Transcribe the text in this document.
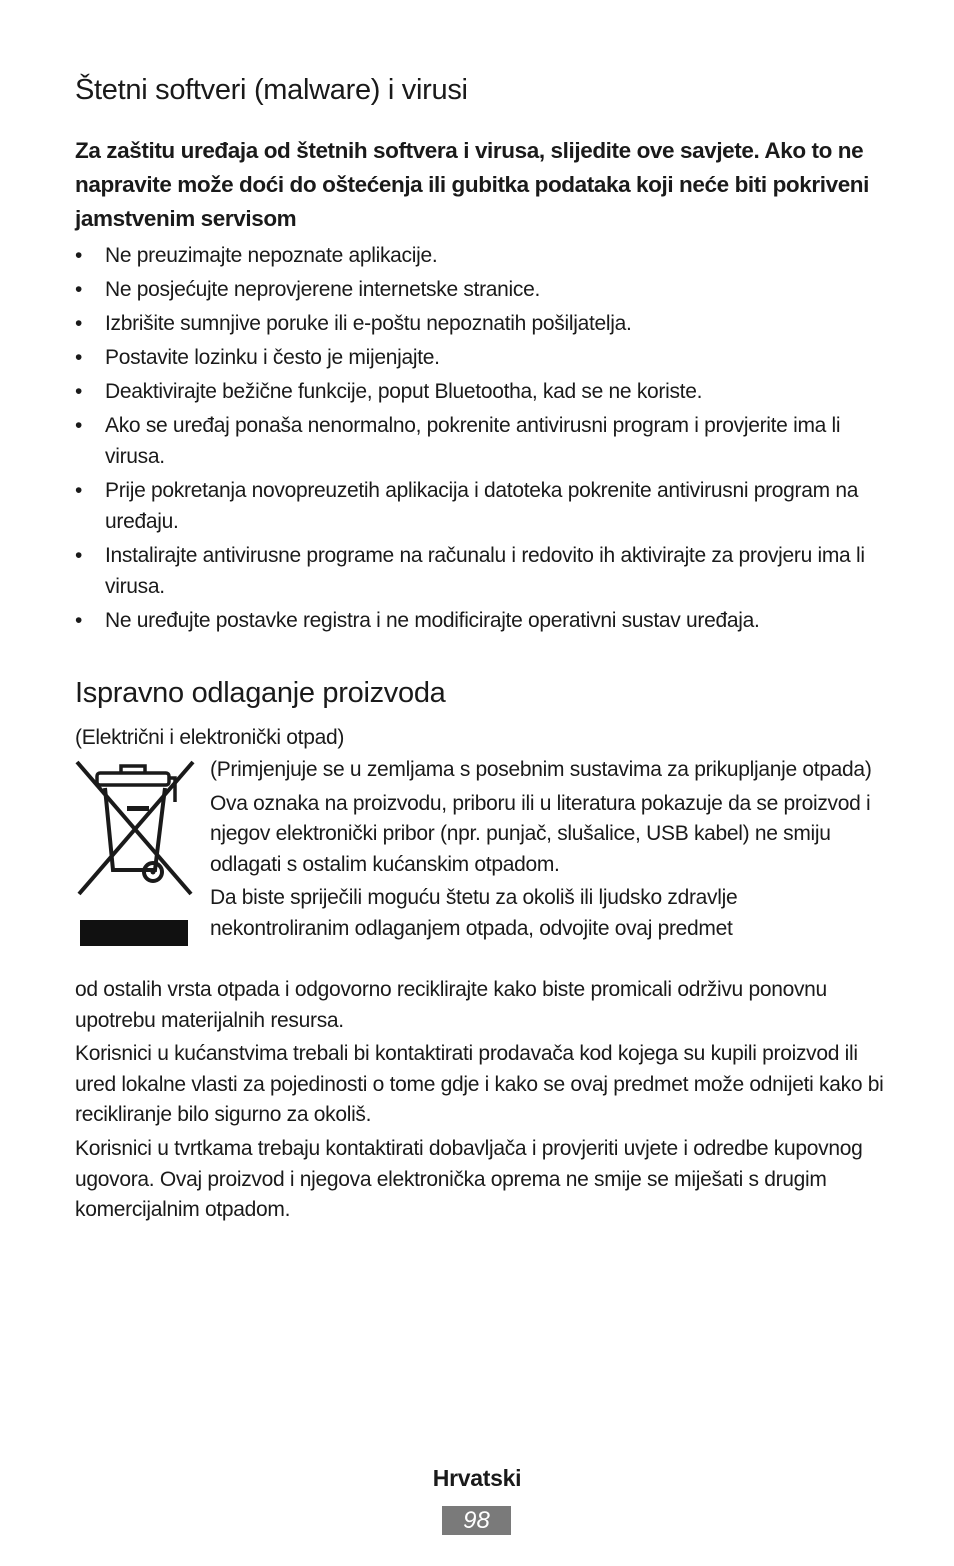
Štetni softveri (malware) i virusi

Za zaštitu uređaja od štetnih softvera i virusa, slijedite ove savjete. Ako to ne napravite može doći do oštećenja ili gubitka podataka koji neće biti pokriveni jamstvenim servisom

• Ne preuzimajte nepoznate aplikacije.
• Ne posjećujte neprovjerene internetske stranice.
• Izbrišite sumnjive poruke ili e-poštu nepoznatih pošiljatelja.
• Postavite lozinku i često je mijenjajte.
• Deaktivirajte bežične funkcije, poput Bluetootha, kad se ne koriste.
• Ako se uređaj ponaša nenormalno, pokrenite antivirusni program i provjerite ima li virusa.
• Prije pokretanja novopreuzetih aplikacija i datoteka pokrenite antivirusni program na uređaju.
• Instalirajte antivirusne programe na računalu i redovito ih aktivirajte za provjeru ima li virusa.
• Ne uređujte postavke registra i ne modificirajte operativni sustav uređaja.
Ispravno odlaganje proizvoda

(Električni i elektronički otpad)

(Primjenjuje se u zemljama s posebnim sustavima za prikupljanje otpada)

Ova oznaka na proizvodu, priboru ili u literatura pokazuje da se proizvod i njegov elektronički pribor (npr. punjač, slušalice, USB kabel) ne smiju odlagati s ostalim kućanskim otpadom.

Da biste spriječili moguću štetu za okoliš ili ljudsko zdravlje nekontroliranim odlaganjem otpada, odvojite ovaj predmet

od ostalih vrsta otpada i odgovorno reciklirajte kako biste promicali održivu ponovnu upotrebu materijalnih resursa.

Korisnici u kućanstvima trebali bi kontaktirati prodavača kod kojega su kupili proizvod ili ured lokalne vlasti za pojedinosti o tome gdje i kako se ovaj predmet može odnijeti kako bi recikliranje bilo sigurno za okoliš.

Korisnici u tvrtkama trebaju kontaktirati dobavljača i provjeriti uvjete i odredbe kupovnog ugovora. Ovaj proizvod i njegova elektronička oprema ne smije se miješati s drugim komercijalnim otpadom.

Hrvatski
98
